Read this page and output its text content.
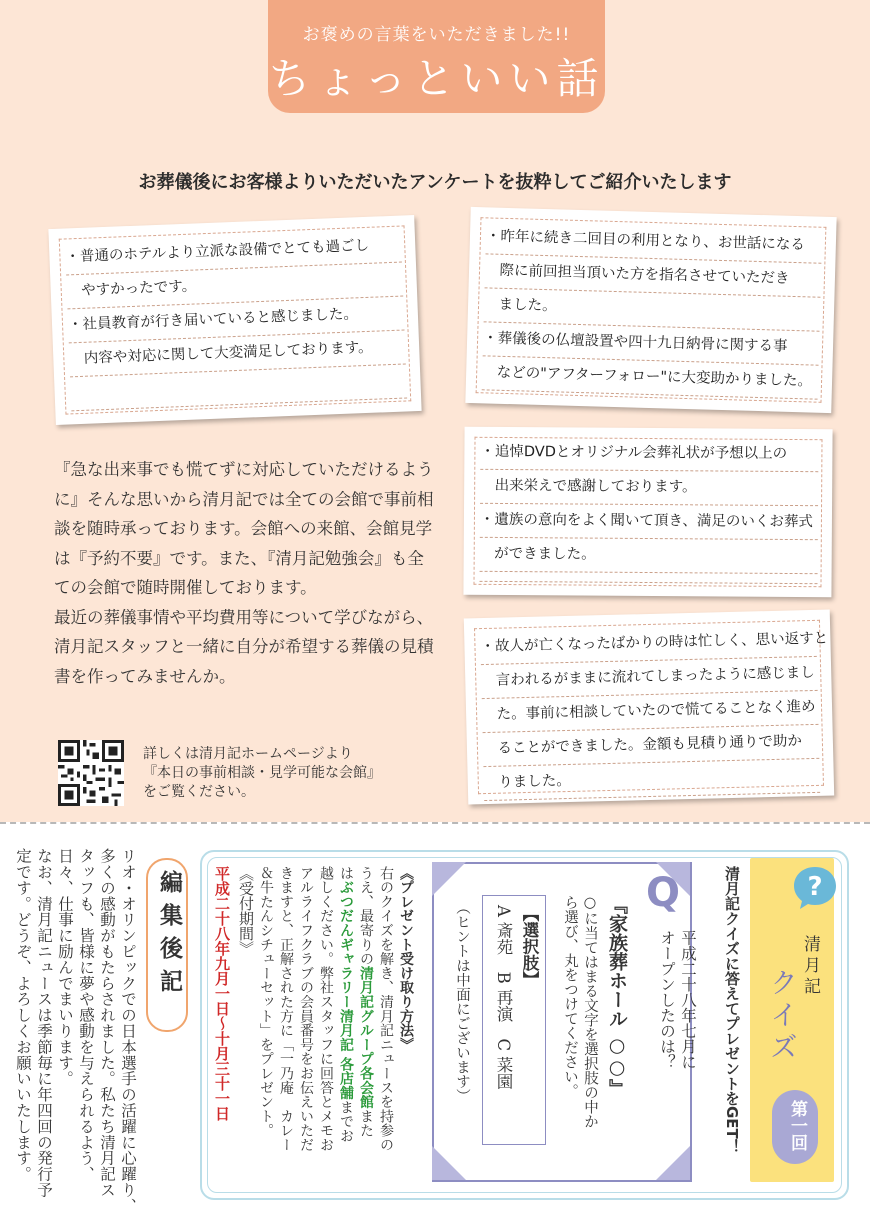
お褒めの言葉をいただきました!!
ちょっといい話
お葬儀後にお客様よりいただいたアンケートを抜粋してご紹介いたします
・普通のホテルより立派な設備でとても過ごし
　やすかったです。
・社員教育が行き届いていると感じました。
　内容や対応に関して大変満足しております。
・昨年に続き二回目の利用となり、お世話になる
　際に前回担当頂いた方を指名させていただき
　ました。
・葬儀後の仏壇設置や四十九日納骨に関する事
　などの"アフターフォロー"に大変助かりました。
・追悼DVDとオリジナル会葬礼状が予想以上の
　出来栄えで感謝しております。
・遺族の意向をよく聞いて頂き、満足のいくお葬式
　ができました。
・故人が亡くなったばかりの時は忙しく、思い返すと
　言われるがままに流れてしまったように感じまし
　た。事前に相談していたので慌てることなく進め
　ることができました。金額も見積り通りで助か
　りました。

『急な出来事でも慌てずに対応していただけるように』そんな思いから清月記では全ての会館で事前相談を随時承っております。会館への来館、会館見学は『予約不要』です。また、『清月記勉強会』も全ての会館で随時開催しております。

最近の葬儀事情や平均費用等について学びながら、清月記スタッフと一緒に自分が希望する葬儀の見積書を作ってみませんか。

詳しくは清月記ホームページより
『本日の事前相談・見学可能な会館』
をご覧ください。
リオ・オリンピックでの日本選手の活躍に心躍り、
多くの感動がもたらされました。私たち清月記ス
タッフも、皆様に夢や感動を与えられるよう、
日々、仕事に励んでまいります。
なお、清月記ニュースは季節毎に年四回の発行予
定です。どうぞ、よろしくお願いいたします。	編集後記	《受付期間》
平成二十八年九月一日～十月三十一日	《プレゼント受け取り方法》
右のクイズを解き、清月記ニュースを持参の
うえ、最寄りの清月記グループ各会館また
はぶつだんギャラリー清月記 各店舗までお
越しください。弊社スタッフに回答とメモお
アルライフクラブの会員番号をお伝えいただ
きますと、正解された方に「一乃庵　カレー
＆牛たんシチューセット」をプレゼント。	Q
平成二十八年七月に
オープンしたのは？
『家族葬ホール ○○』
○に当てはまる文字を選択肢の中か
ら選び、丸をつけてください。
【選択肢】
A 斎苑　B 再演　C 菜園
（ヒントは中面にございます）
?
清月記
クイズ
第一回
清月記クイズに答えてプレゼントをGET！
